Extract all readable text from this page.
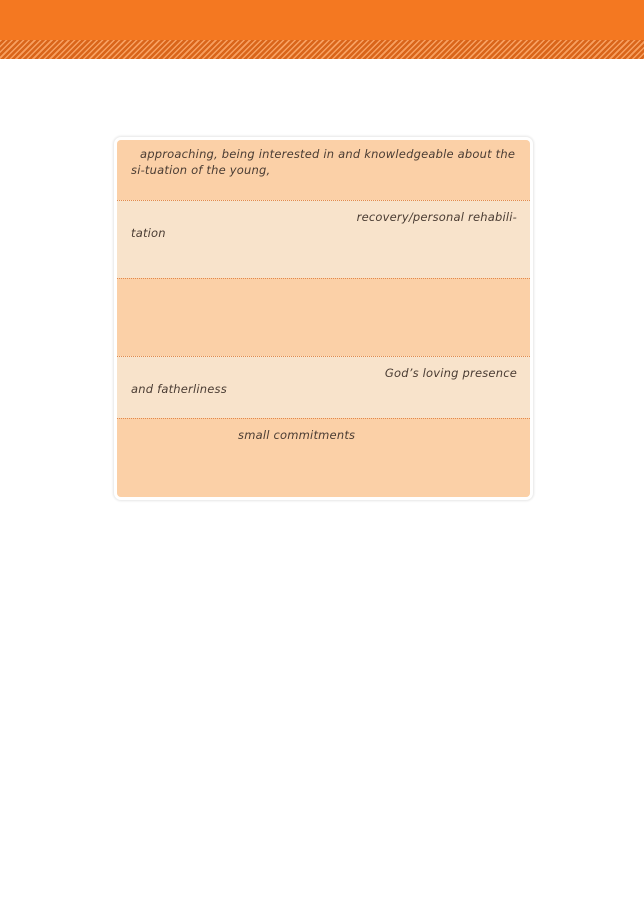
approaching, being interested in and knowledgeable about the si-tuation of the young,
recovery/personal rehabili-
tation
God’s loving presence
and fatherliness
small commitments
